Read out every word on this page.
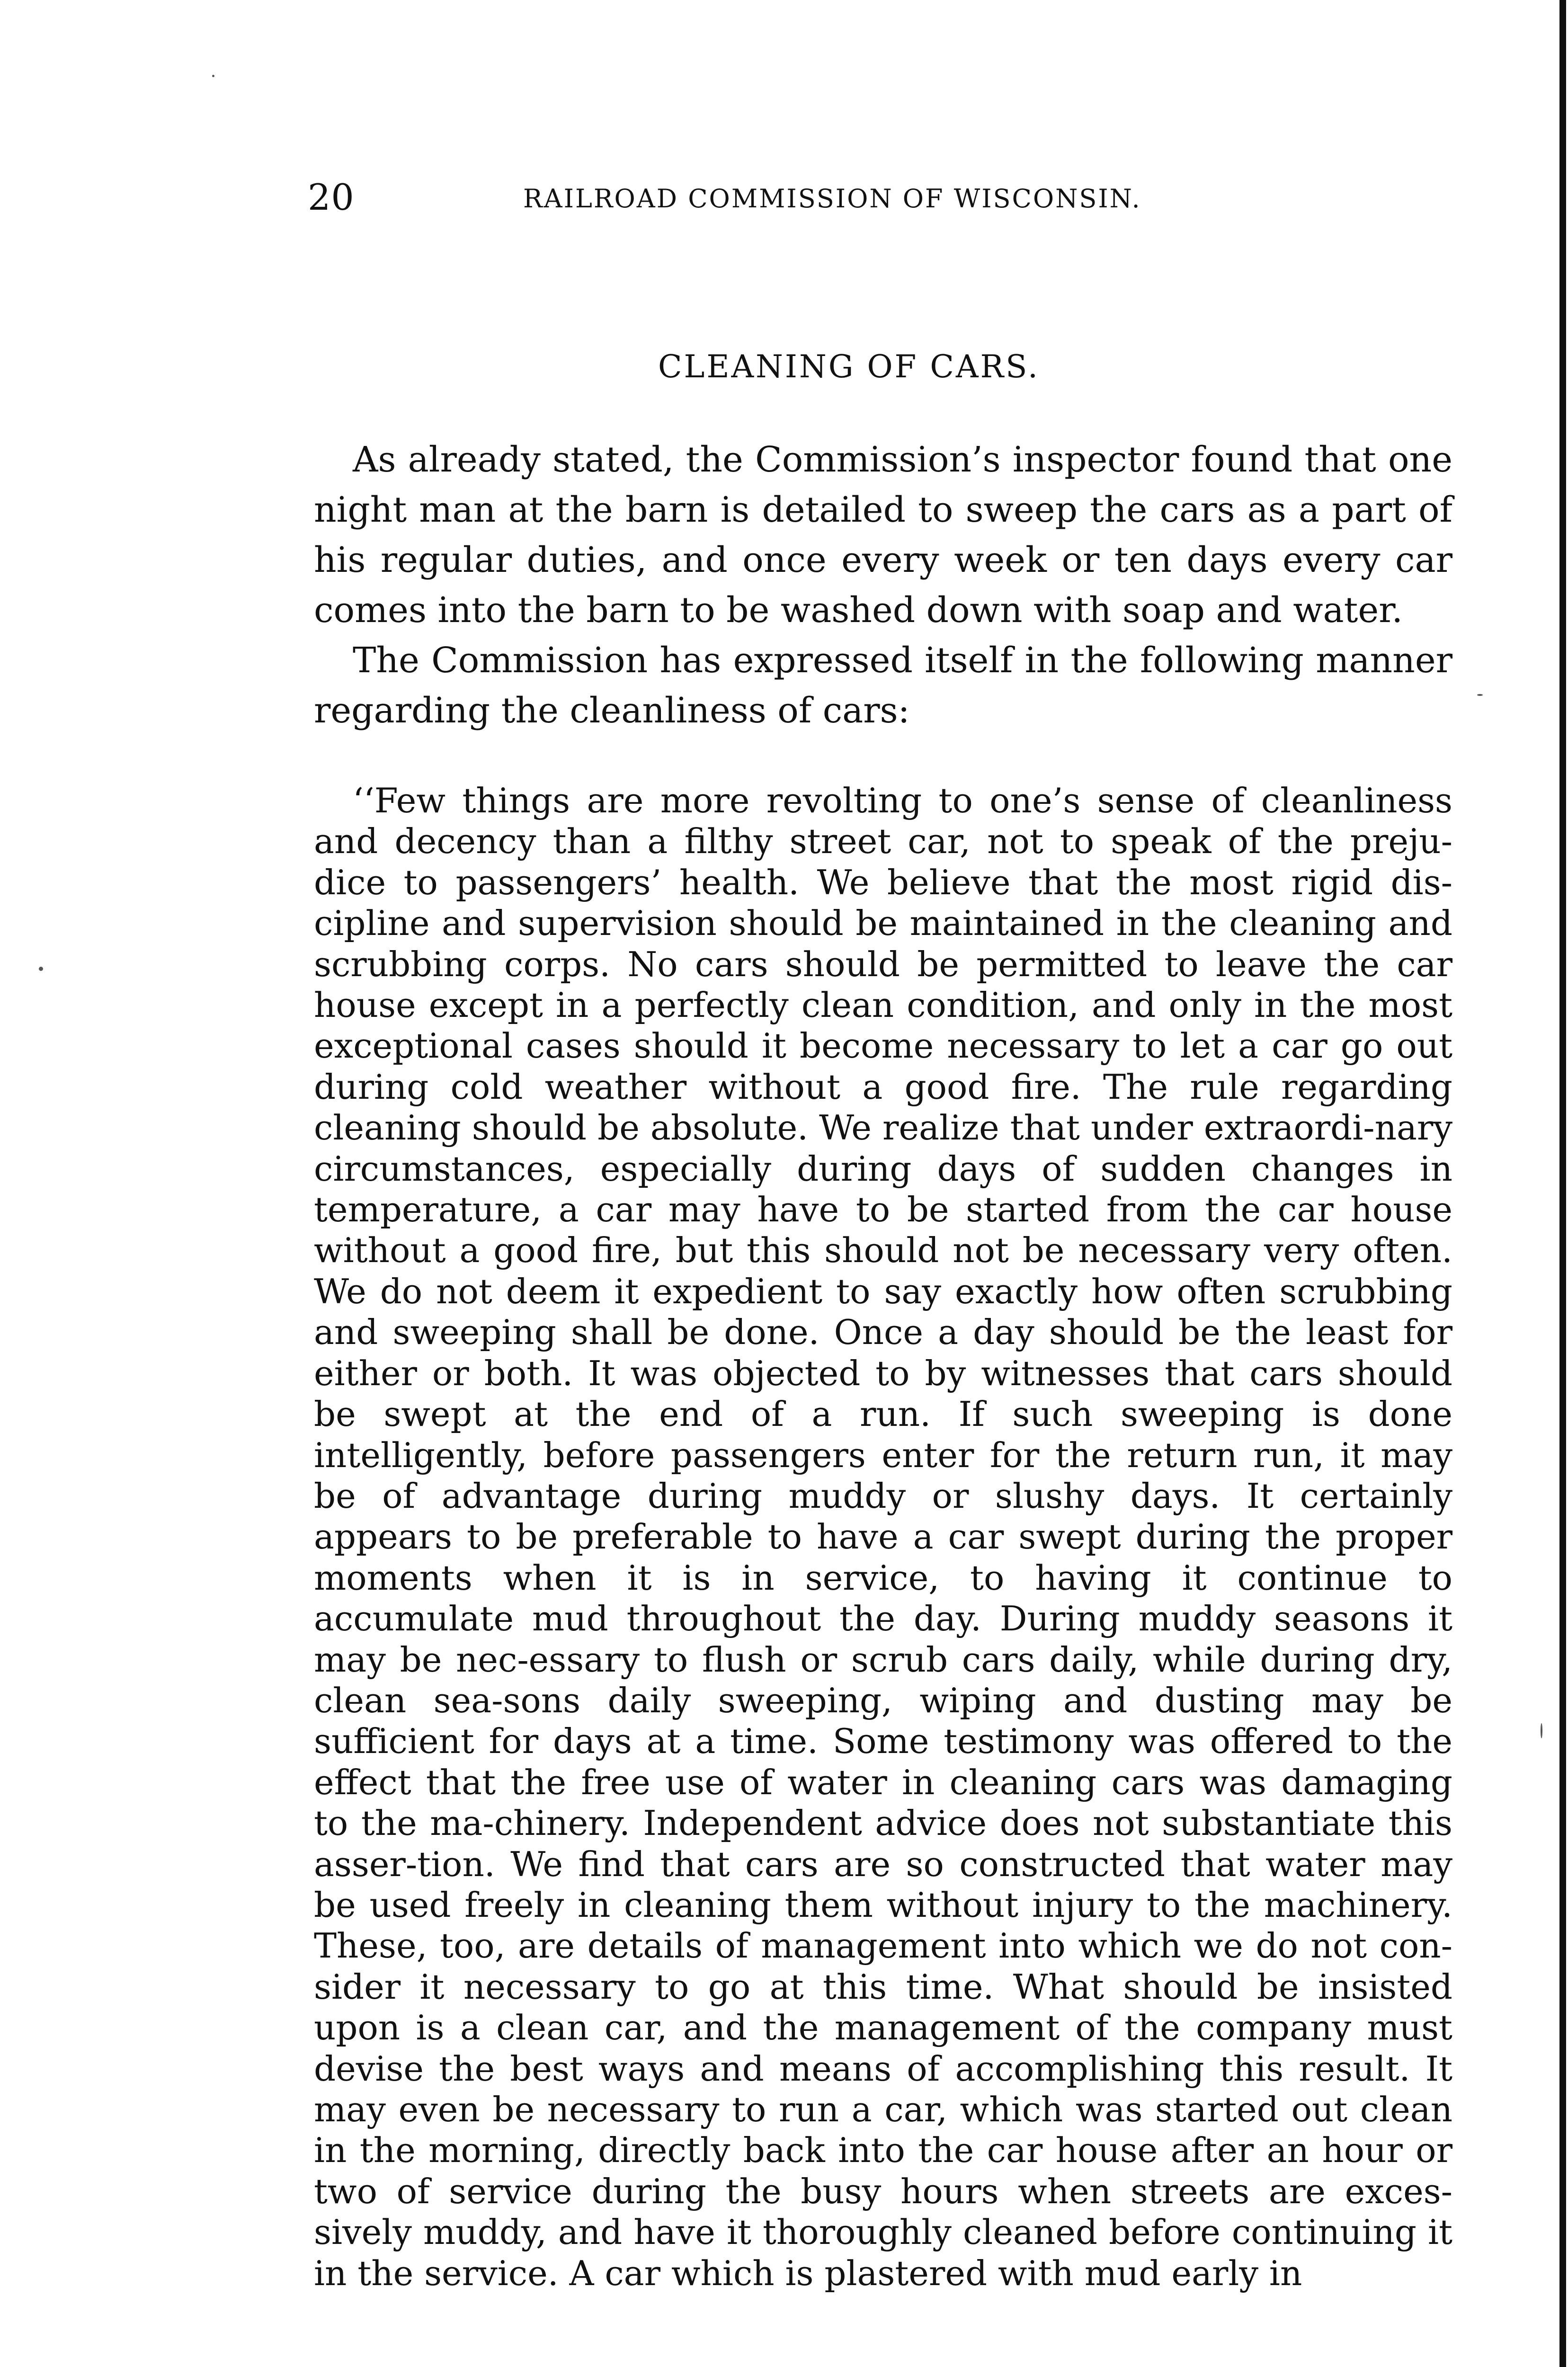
20	RAILROAD COMMISSION OF WISCONSIN.
CLEANING OF CARS.

As already stated, the Commission’s inspector found that one night man at the barn is detailed to sweep the cars as a part of his regular duties, and once every week or ten days every car comes into the barn to be washed down with soap and water.

The Commission has expressed itself in the following manner regarding the cleanliness of cars:

‘‘Few things are more revolting to one’s sense of cleanliness and decency than a filthy street car, not to speak of the preju-dice to passengers’ health. We believe that the most rigid dis-cipline and supervision should be maintained in the cleaning and scrubbing corps. No cars should be permitted to leave the car house except in a perfectly clean condition, and only in the most exceptional cases should it become necessary to let a car go out during cold weather without a good fire. The rule regarding cleaning should be absolute. We realize that under extraordi-nary circumstances, especially during days of sudden changes in temperature, a car may have to be started from the car house without a good fire, but this should not be necessary very often. We do not deem it expedient to say exactly how often scrubbing and sweeping shall be done. Once a day should be the least for either or both. It was objected to by witnesses that cars should be swept at the end of a run. If such sweeping is done intelligently, before passengers enter for the return run, it may be of advantage during muddy or slushy days. It certainly appears to be preferable to have a car swept during the proper moments when it is in service, to having it continue to accumulate mud throughout the day. During muddy seasons it may be nec-essary to flush or scrub cars daily, while during dry, clean sea-sons daily sweeping, wiping and dusting may be sufficient for days at a time. Some testimony was offered to the effect that the free use of water in cleaning cars was damaging to the ma-chinery. Independent advice does not substantiate this asser-tion. We find that cars are so constructed that water may be used freely in cleaning them without injury to the machinery. These, too, are details of management into which we do not con-sider it necessary to go at this time. What should be insisted upon is a clean car, and the management of the company must devise the best ways and means of accomplishing this result. It may even be necessary to run a car, which was started out clean in the morning, directly back into the car house after an hour or two of service during the busy hours when streets are exces-sively muddy, and have it thoroughly cleaned before continuing it in the service. A car which is plastered with mud early in
